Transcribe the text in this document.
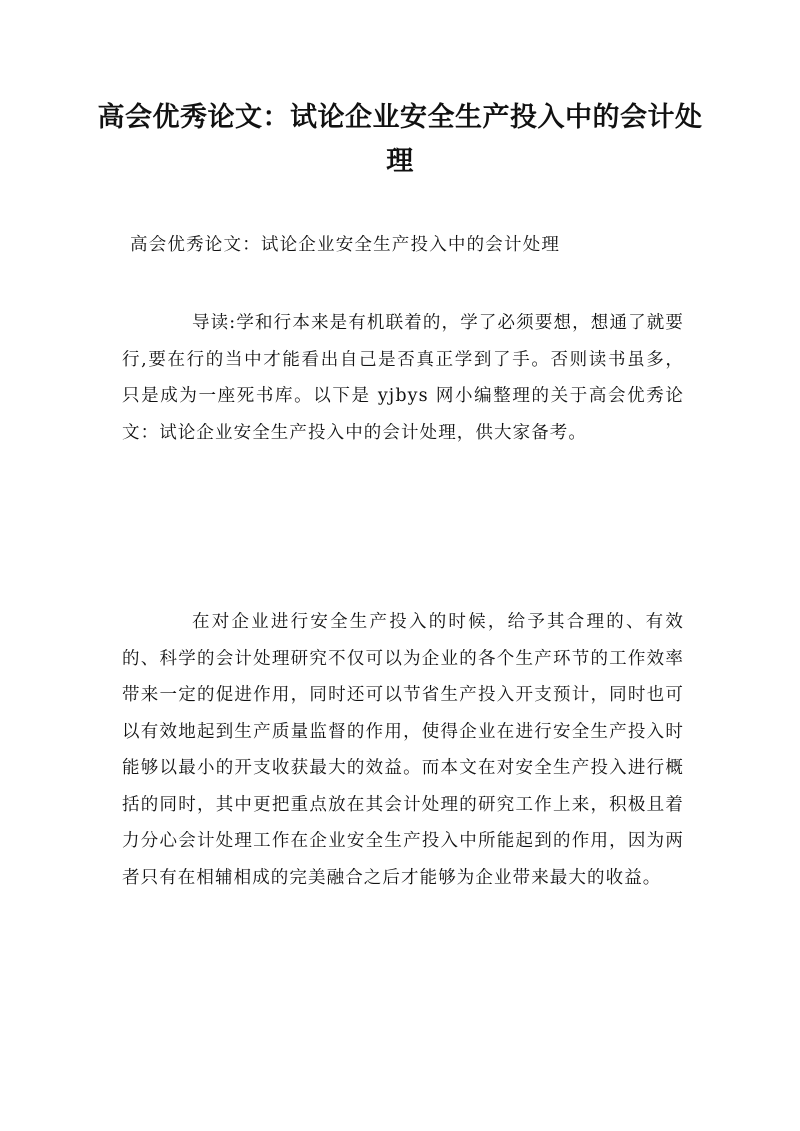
高会优秀论文：试论企业安全生产投入中的会计处理

高会优秀论文：试论企业安全生产投入中的会计处理

导读:学和行本来是有机联着的，学了必须要想，想通了就要行,要在行的当中才能看出自己是否真正学到了手。否则读书虽多，只是成为一座死书库。以下是 yjbys 网小编整理的关于高会优秀论文：试论企业安全生产投入中的会计处理，供大家备考。

在对企业进行安全生产投入的时候，给予其合理的、有效的、科学的会计处理研究不仅可以为企业的各个生产环节的工作效率带来一定的促进作用，同时还可以节省生产投入开支预计，同时也可以有效地起到生产质量监督的作用，使得企业在进行安全生产投入时能够以最小的开支收获最大的效益。而本文在对安全生产投入进行概括的同时，其中更把重点放在其会计处理的研究工作上来，积极且着力分心会计处理工作在企业安全生产投入中所能起到的作用，因为两者只有在相辅相成的完美融合之后才能够为企业带来最大的收益。
